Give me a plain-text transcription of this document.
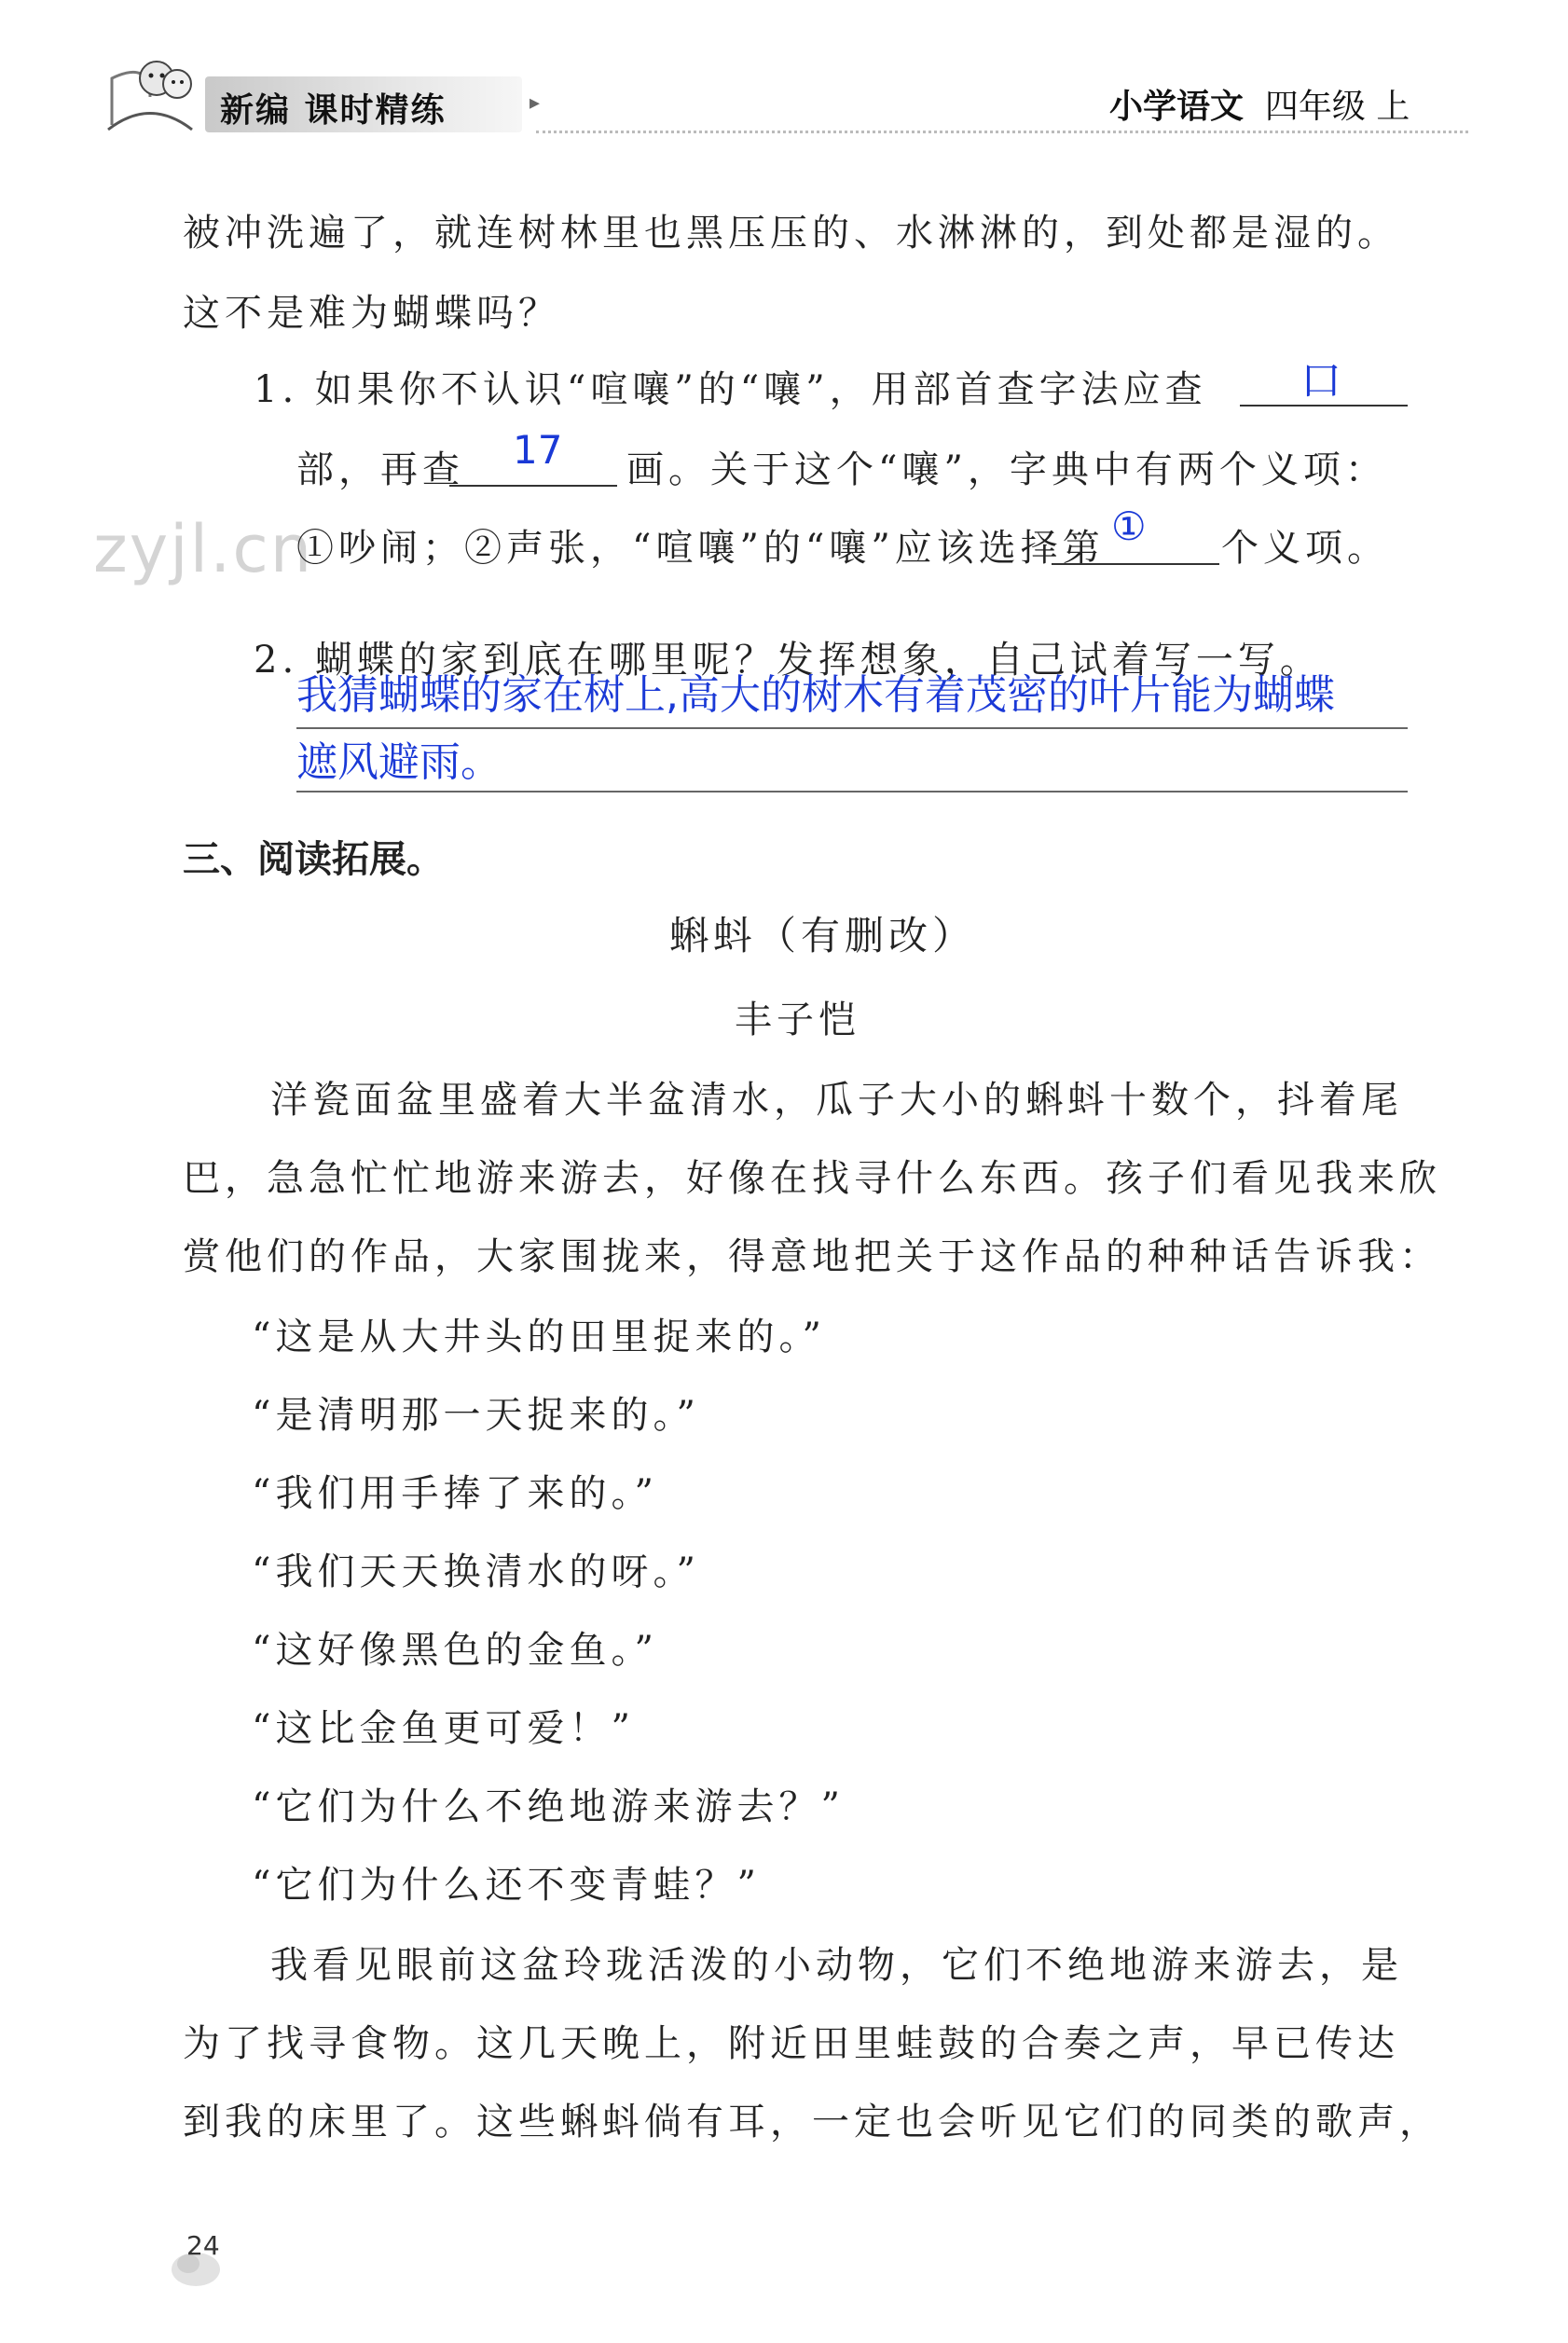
新编 课时精练	▸	小学语文 四年级 上
被冲洗遍了，就连树林里也黑压压的、水淋淋的，到处都是湿的。
这不是难为蝴蝶吗？
1. 如果你不认识“喧嚷”的“嚷”，用部首查字法应查 口
部，再查 17 画。关于这个“嚷”，字典中有两个义项：
zyjl.cn
①吵闹；②声张，“喧嚷”的“嚷”应该选择第 ① 个义项。
2. 蝴蝶的家到底在哪里呢？发挥想象，自己试着写一写。
我猜蝴蝶的家在树上,高大的树木有着茂密的叶片能为蝴蝶
遮风避雨。
三、阅读拓展。
蝌蚪（有删改）
丰子恺
洋瓷面盆里盛着大半盆清水，瓜子大小的蝌蚪十数个，抖着尾
巴，急急忙忙地游来游去，好像在找寻什么东西。孩子们看见我来欣
赏他们的作品，大家围拢来，得意地把关于这作品的种种话告诉我：
“这是从大井头的田里捉来的。”
“是清明那一天捉来的。”
“我们用手捧了来的。”
“我们天天换清水的呀。”
“这好像黑色的金鱼。”
“这比金鱼更可爱！”
“它们为什么不绝地游来游去？”
“它们为什么还不变青蛙？”
我看见眼前这盆玲珑活泼的小动物，它们不绝地游来游去，是
为了找寻食物。这几天晚上，附近田里蛙鼓的合奏之声，早已传达
到我的床里了。这些蝌蚪倘有耳，一定也会听见它们的同类的歌声，
24
